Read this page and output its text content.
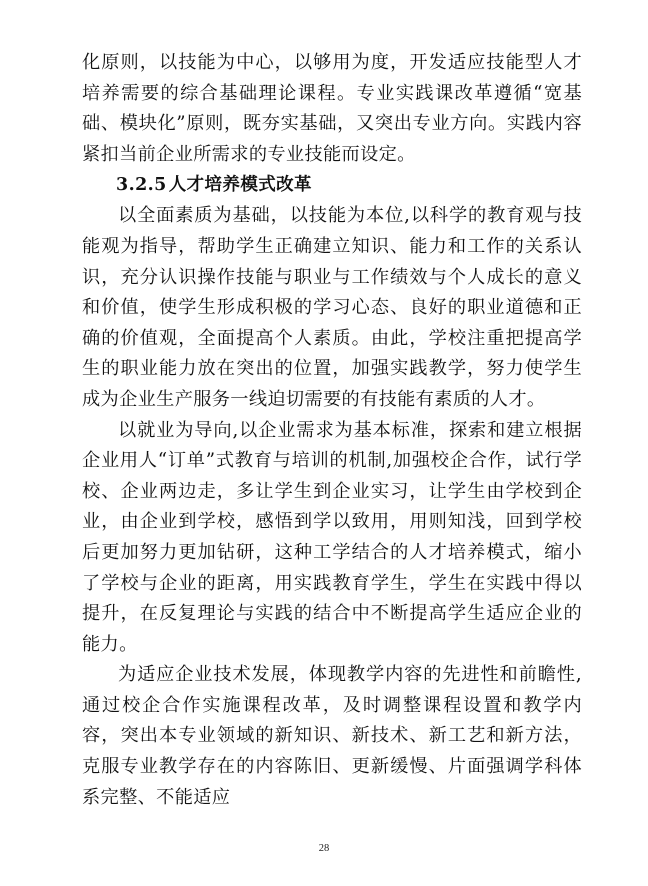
化原则，以技能为中心，以够用为度，开发适应技能型人才培养需要的综合基础理论课程。专业实践课改革遵循“宽基础、模块化”原则，既夯实基础，又突出专业方向。实践内容紧扣当前企业所需求的专业技能而设定。

3.2.5 人才培养模式改革

以全面素质为基础，以技能为本位,以科学的教育观与技能观为指导，帮助学生正确建立知识、能力和工作的关系认识，充分认识操作技能与职业与工作绩效与个人成长的意义和价值，使学生形成积极的学习心态、良好的职业道德和正确的价值观，全面提高个人素质。由此，学校注重把提高学生的职业能力放在突出的位置，加强实践教学，努力使学生成为企业生产服务一线迫切需要的有技能有素质的人才。

以就业为导向,以企业需求为基本标准，探索和建立根据企业用人“订单”式教育与培训的机制,加强校企合作，试行学校、企业两边走，多让学生到企业实习，让学生由学校到企业，由企业到学校，感悟到学以致用，用则知浅，回到学校后更加努力更加钻研，这种工学结合的人才培养模式，缩小了学校与企业的距离，用实践教育学生，学生在实践中得以提升，在反复理论与实践的结合中不断提高学生适应企业的能力。

为适应企业技术发展，体现教学内容的先进性和前瞻性,通过校企合作实施课程改革，及时调整课程设置和教学内容，突出本专业领域的新知识、新技术、新工艺和新方法，克服专业教学存在的内容陈旧、更新缓慢、片面强调学科体系完整、不能适应

28
